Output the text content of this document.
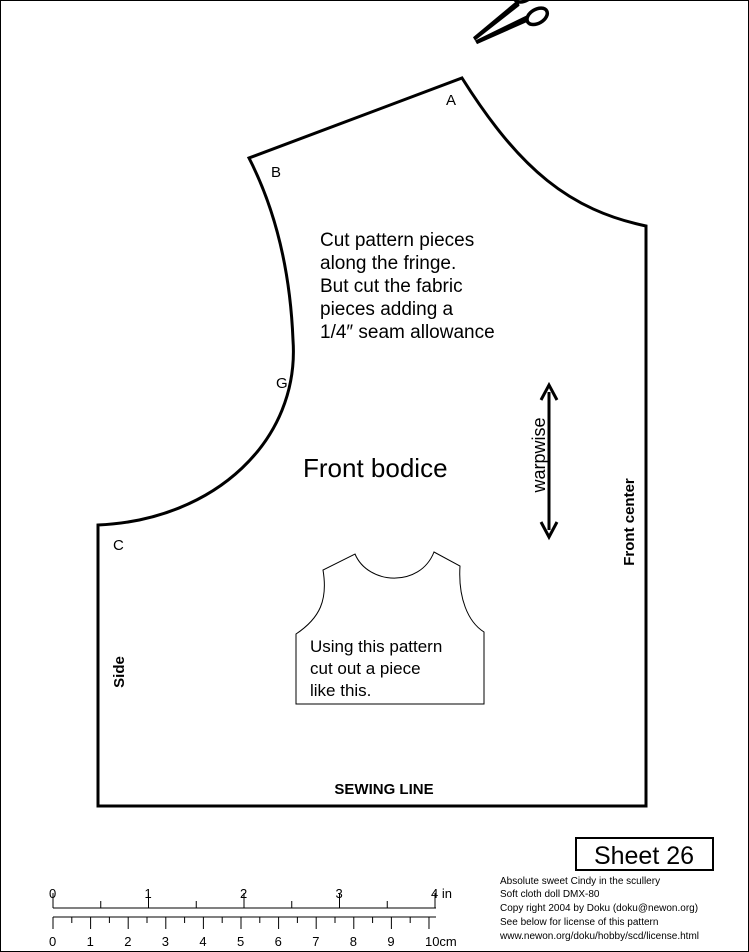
A
B
G
C
Cut pattern pieces
along the fringe.
But cut the fabric
pieces adding a
1/4″ seam allowance
warpwise
Front bodice
Front center
Side
SEWING LINE
Using this pattern
cut out a piece
like this.
Sheet 26
Absolute sweet Cindy in the scullery
Soft cloth doll DMX-80
Copy right 2004 by Doku (doku@newon.org)
See below for license of this pattern
www.newon.org/doku/hobby/scd/license.html
0	1	2	3	4 in
0 1 2 3 4 5 6 7 8 9 10cm
